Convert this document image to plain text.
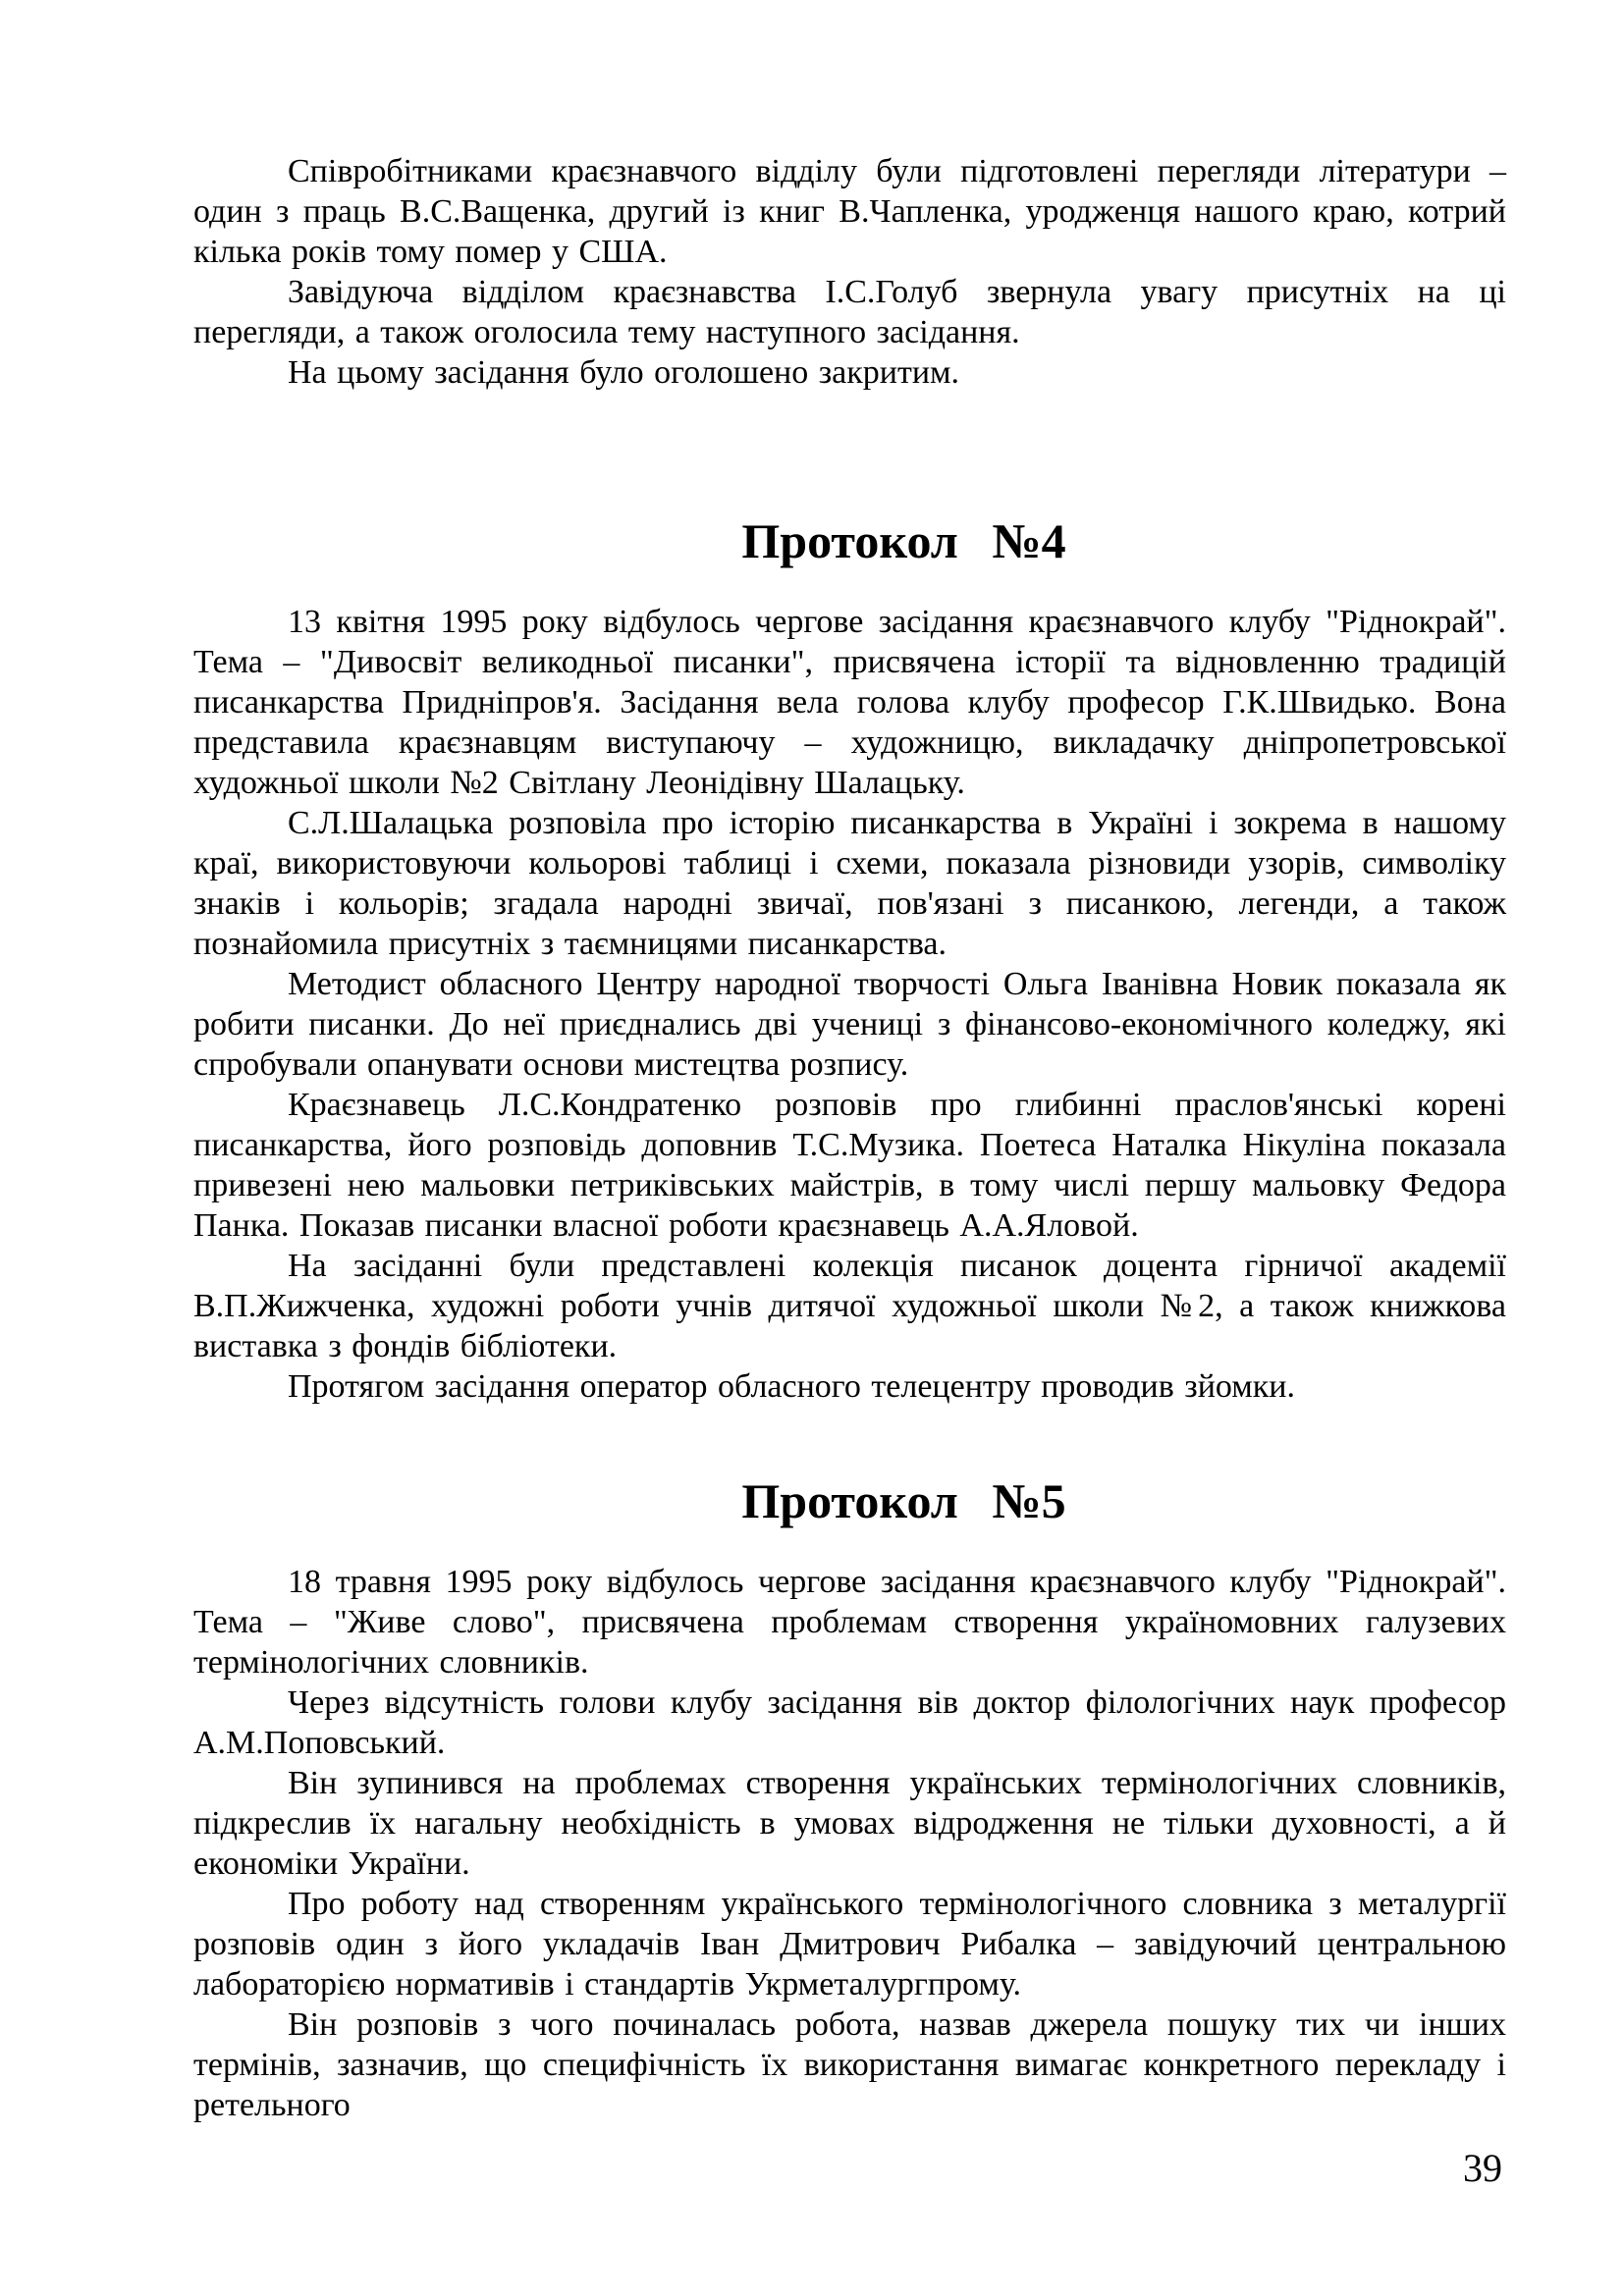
Співробітниками краєзнавчого відділу були підготовлені перегляди літератури – один з праць В.С.Ващенка, другий із книг В.Чапленка, уродженця нашого краю, котрий кілька років тому помер у США.

Завідуюча відділом краєзнавства І.С.Голуб звернула увагу присутніх на ці перегляди, а також оголосила тему наступного засідання.

На цьому засідання було оголошено закритим.

Протокол №4

13 квітня 1995 року відбулось чергове засідання краєзнавчого клубу "Ріднокрай". Тема – "Дивосвіт великодньої писанки", присвячена історії та відновленню традицій писанкарства Придніпров'я. Засідання вела голова клубу професор Г.К.Швидько. Вона представила краєзнавцям виступаючу – художницю, викладачку дніпропетровської художньої школи №2 Світлану Леонідівну Шалацьку.

С.Л.Шалацька розповіла про історію писанкарства в Україні і зокрема в нашому краї, використовуючи кольорові таблиці і схеми, показала різновиди узорів, символіку знаків і кольорів; згадала народні звичаї, пов'язані з писанкою, легенди, а також познайомила присутніх з таємницями писанкарства.

Методист обласного Центру народної творчості Ольга Іванівна Новик показала як робити писанки. До неї приєднались дві учениці з фінансово-економічного коледжу, які спробували опанувати основи мистецтва розпису.

Краєзнавець Л.С.Кондратенко розповів про глибинні праслов'янські корені писанкарства, його розповідь доповнив Т.С.Музика. Поетеса Наталка Нікуліна показала привезені нею мальовки петриківських майстрів, в тому числі першу мальовку Федора Панка. Показав писанки власної роботи краєзнавець А.А.Яловой.

На засіданні були представлені колекція писанок доцента гірничої академії В.П.Жижченка, художні роботи учнів дитячої художньої школи №2, а також книжкова виставка з фондів бібліотеки.

Протягом засідання оператор обласного телецентру проводив зйомки.

Протокол №5

18 травня 1995 року відбулось чергове засідання краєзнавчого клубу "Ріднокрай". Тема – "Живе слово", присвячена проблемам створення україномовних галузевих термінологічних словників.

Через відсутність голови клубу засідання вів доктор філологічних наук професор А.М.Поповський.

Він зупинився на проблемах створення українських термінологічних словників, підкреслив їх нагальну необхідність в умовах відродження не тільки духовності, а й економіки України.

Про роботу над створенням українського термінологічного словника з металургії розповів один з його укладачів Іван Дмитрович Рибалка – завідуючий центральною лабораторією нормативів і стандартів Укрметалургпрому.

Він розповів з чого починалась робота, назвав джерела пошуку тих чи інших термінів, зазначив, що специфічність їх використання вимагає конкретного перекладу і ретельного

39
